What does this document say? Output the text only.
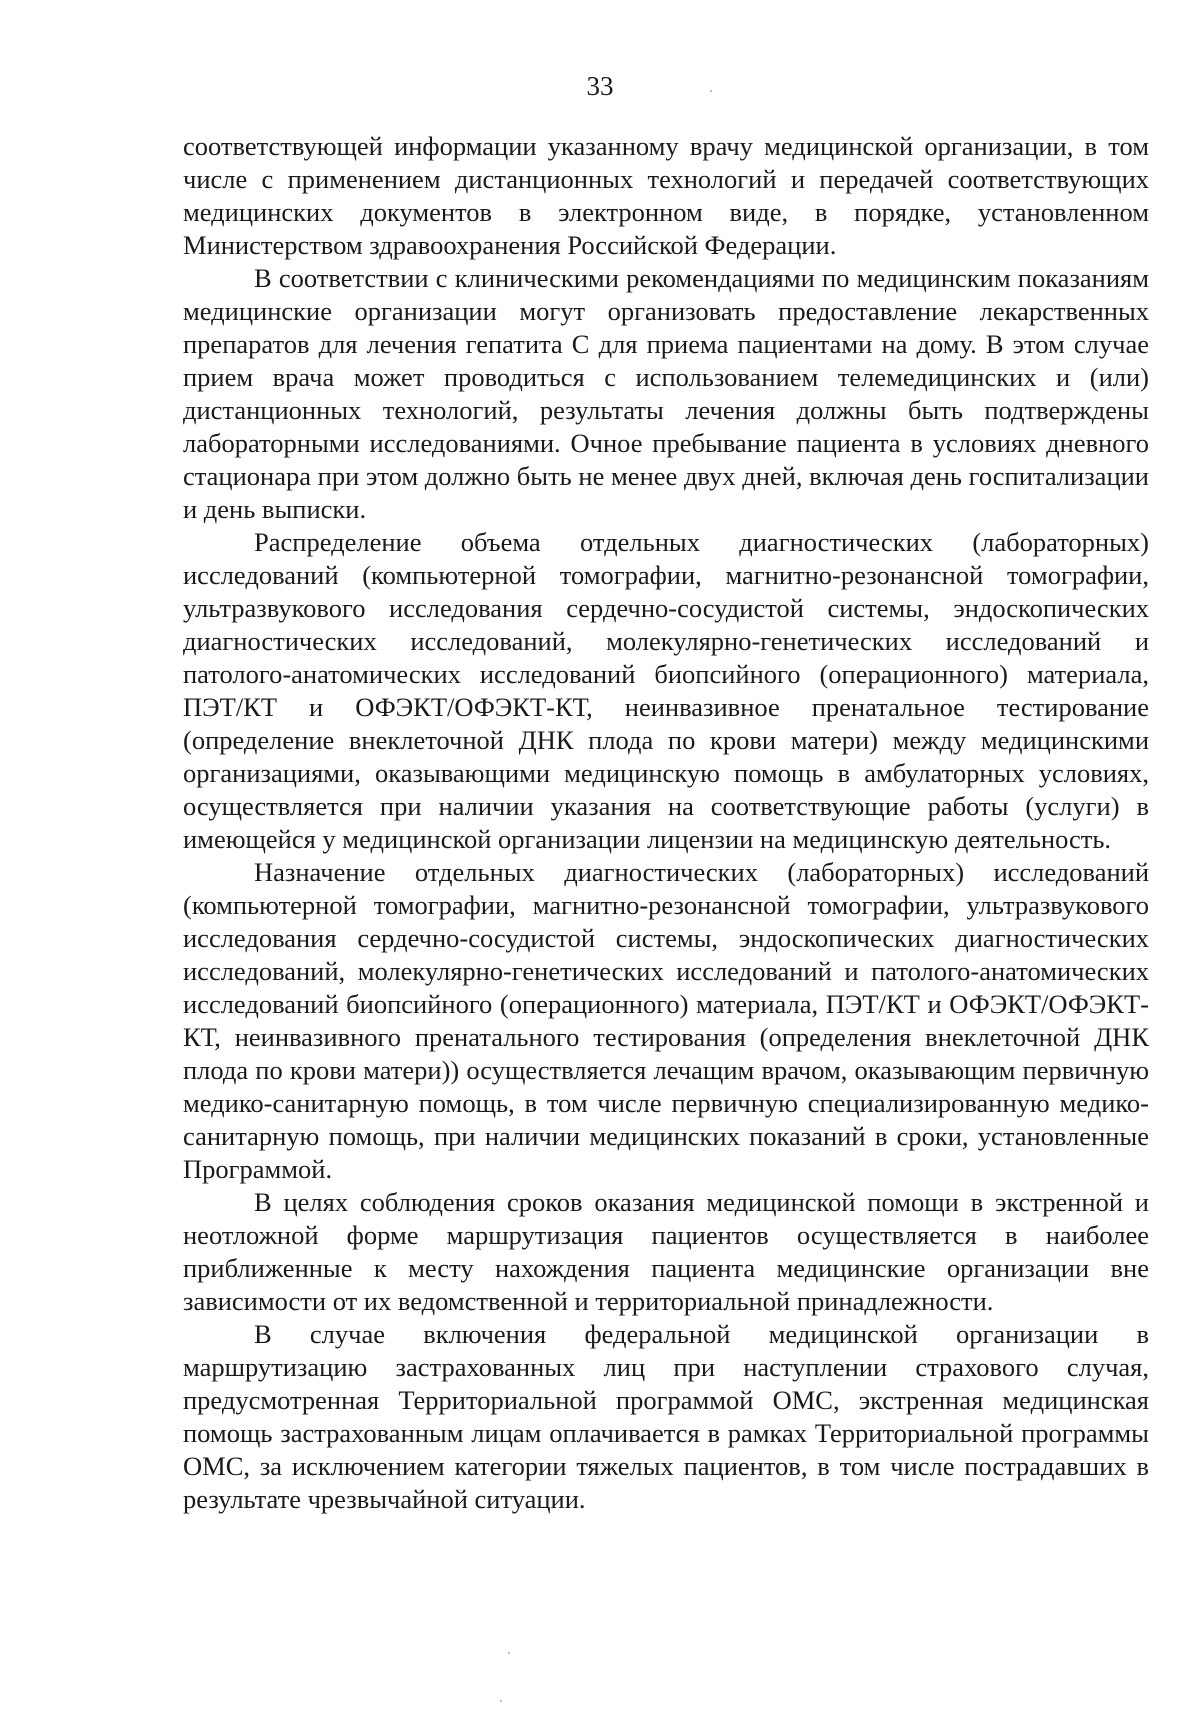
33

соответствующей информации указанному врачу медицинской организации, в том числе с применением дистанционных технологий и передачей соответствующих медицинских документов в электронном виде, в порядке, установленном Министерством здравоохранения Российской Федерации.

В соответствии с клиническими рекомендациями по медицинским показаниям медицинские организации могут организовать предоставление лекарственных препаратов для лечения гепатита С для приема пациентами на дому. В этом случае прием врача может проводиться с использованием телемедицинских и (или) дистанционных технологий, результаты лечения должны быть подтверждены лабораторными исследованиями. Очное пребывание пациента в условиях дневного стационара при этом должно быть не менее двух дней, включая день госпитализации и день выписки.

Распределение объема отдельных диагностических (лабораторных) исследований (компьютерной томографии, магнитно-резонансной томографии, ультразвукового исследования сердечно-сосудистой системы, эндоскопических диагностических исследований, молекулярно-генетических исследований и патолого-анатомических исследований биопсийного (операционного) материала, ПЭТ/КТ и ОФЭКТ/ОФЭКТ-КТ, неинвазивное пренатальное тестирование (определение внеклеточной ДНК плода по крови матери) между медицинскими организациями, оказывающими медицинскую помощь в амбулаторных условиях, осуществляется при наличии указания на соответствующие работы (услуги) в имеющейся у медицинской организации лицензии на медицинскую деятельность.

Назначение отдельных диагностических (лабораторных) исследований (компьютерной томографии, магнитно-резонансной томографии, ультразвукового исследования сердечно-сосудистой системы, эндоскопических диагностических исследований, молекулярно-генетических исследований и патолого-анатомических исследований биопсийного (операционного) материала, ПЭТ/КТ и ОФЭКТ/ОФЭКТ-КТ, неинвазивного пренатального тестирования (определения внеклеточной ДНК плода по крови матери)) осуществляется лечащим врачом, оказывающим первичную медико-санитарную помощь, в том числе первичную специализированную медико-санитарную помощь, при наличии медицинских показаний в сроки, установленные Программой.

В целях соблюдения сроков оказания медицинской помощи в экстренной и неотложной форме маршрутизация пациентов осуществляется в наиболее приближенные к месту нахождения пациента медицинские организации вне зависимости от их ведомственной и территориальной принадлежности.

В случае включения федеральной медицинской организации в маршрутизацию застрахованных лиц при наступлении страхового случая, предусмотренная Территориальной программой ОМС, экстренная медицинская помощь застрахованным лицам оплачивается в рамках Территориальной программы ОМС, за исключением категории тяжелых пациентов, в том числе пострадавших в результате чрезвычайной ситуации.
